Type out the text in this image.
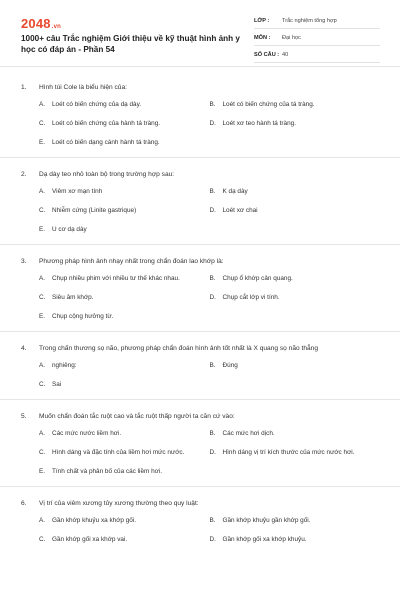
2048.vn
1000+ câu Trắc nghiệm Giới thiệu về kỹ thuật hình ảnh y học có đáp án - Phần 54
LỚP :	Trắc nghiệm tổng hợp
MÔN :	Đại học
SỐ CÂU : 40
1.	Hình túi Cole là biểu hiện của:
A.	Loét có biến chứng của dạ dày.	B.	Loét có biến chứng của tá tràng.
C.	Loét có biến chứng của hành tá tràng.	D.	Loét xơ teo hành tá tràng.
E.	Loét có biến dạng cánh hành tá tràng.
2.	Dạ dày teo nhỏ toàn bộ trong trường hợp sau:
A.	Viêm xơ mạn tính	B.	K dạ dày
C.	Nhiễm cứng (Linite gastrique)	D.	Loét xơ chai
E.	U cơ dạ dày
3.	Phương pháp hình ảnh nhạy nhất trong chẩn đoán lao khớp là:
A.	Chụp nhiều phim với nhiều tư thế khác nhau.	B.	Chụp ổ khớp cản quang.
C.	Siêu âm khớp.	D.	Chụp cắt lớp vi tính.
E.	Chụp cộng hưởng từ.
4.	Trong chấn thương sọ não, phương pháp chẩn đoán hình ảnh tốt nhất là X quang sọ não thẳng
A.	nghiêng:	B.	Đúng
C.	Sai
5.	Muốn chẩn đoán tắc ruột cao và tắc ruột thấp người ta căn cứ vào:
A.	Các mức nước liềm hơi.	B.	Các mức hơi dịch.
C.	Hình dáng và đặc tính của liềm hơi mức nước.	D.	Hình dáng vị trí kích thước của mức nước hơi.
E.	Tính chất và phân bố của các liềm hơi.
6.	Vị trí của viêm xương tủy xương thường theo quy luật:
A.	Gần khớp khuỷu xa khớp gối.	B.	Gần khớp khuỷu gần khớp gối.
C.	Gần khớp gối xa khớp vai.	D.	Gần khớp gối xa khớp khuỷu.
